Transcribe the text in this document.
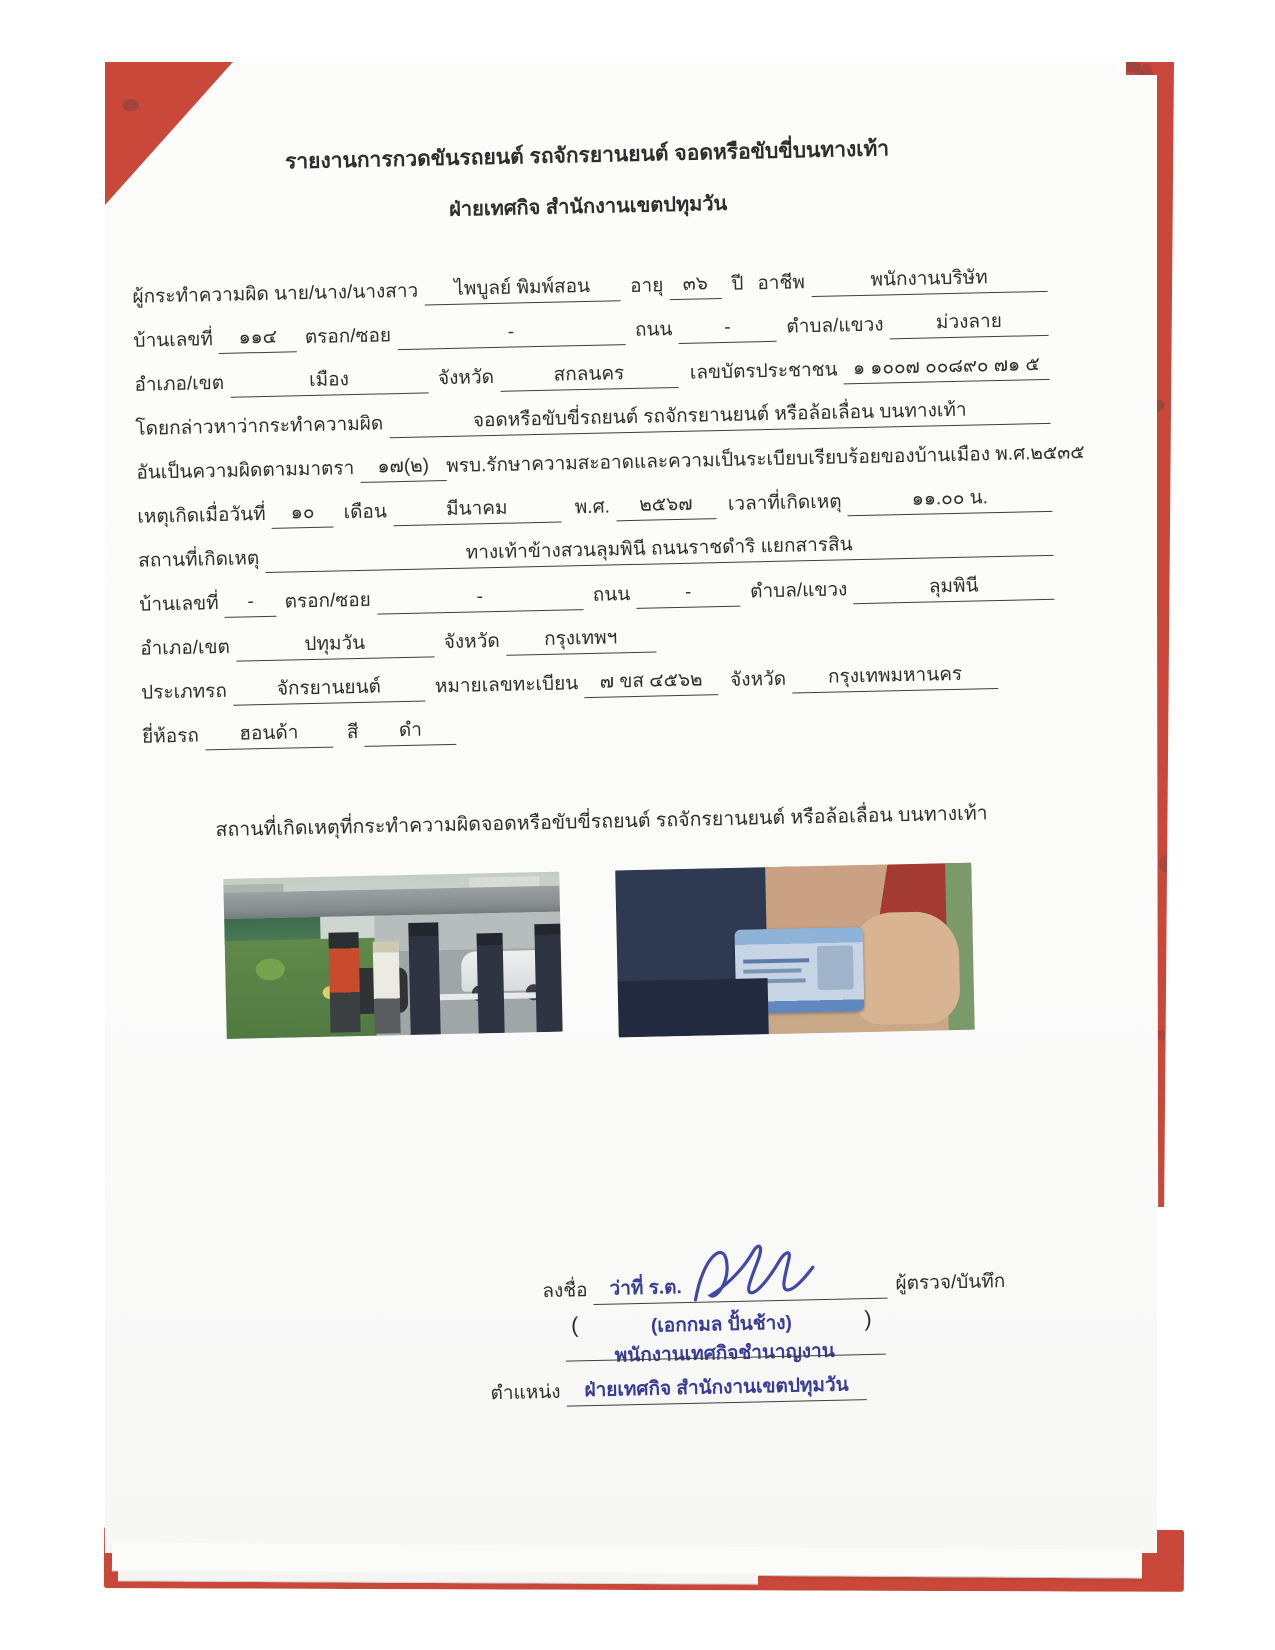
รายงานการกวดขันรถยนต์ รถจักรยานยนต์ จอดหรือขับขี่บนทางเท้า
ฝ่ายเทศกิจ สำนักงานเขตปทุมวัน
ผู้กระทำความผิด นาย/นาง/นางสาว	ไพบูลย์ พิมพ์สอน	อายุ ๓๖	ปี อาชีพ	พนักงานบริษัท
บ้านเลขที่	๑๑๔	ตรอก/ซอย	-	ถนน	-	ตำบล/แขวง	ม่วงลาย
อำเภอ/เขต	เมือง	จังหวัด	สกลนคร	เลขบัตรประชาชน ๑ ๑๐๐๗ ๐๐๘๙๐ ๗๑ ๕
โดยกล่าวหาว่ากระทำความผิด	จอดหรือขับขี่รถยนต์ รถจักรยานยนต์ หรือล้อเลื่อน บนทางเท้า
อันเป็นความผิดตามมาตรา	๑๗(๒) พรบ.รักษาความสะอาดและความเป็นระเบียบเรียบร้อยของบ้านเมือง พ.ศ.๒๕๓๕
เหตุเกิดเมื่อวันที่	๑๐	เดือน	มีนาคม	พ.ศ.	๒๕๖๗	เวลาที่เกิดเหตุ	๑๑.๐๐ น.
สถานที่เกิดเหตุ	ทางเท้าข้างสวนลุมพินี ถนนราชดำริ แยกสารสิน
บ้านเลขที่	-	ตรอก/ซอย	-	ถนน	-	ตำบล/แขวง	ลุมพินี
อำเภอ/เขต	ปทุมวัน	จังหวัด	กรุงเทพฯ
ประเภทรถ	จักรยานยนต์	หมายเลขทะเบียน	๗ ขส ๔๕๖๒	จังหวัด	กรุงเทพมหานคร
ยี่ห้อรถ	ฮอนด้า	สี	ดำ
สถานที่เกิดเหตุที่กระทำความผิดจอดหรือขับขี่รถยนต์ รถจักรยานยนต์ หรือล้อเลื่อน บนทางเท้า
ลงชื่อ	ว่าที่ ร.ต.	ผู้ตรวจ/บันทึก
(	(เอกกมล ปั้นช้าง)	)
พนักงานเทศกิจชำนาญงาน
ตำแหน่ง	ฝ่ายเทศกิจ สำนักงานเขตปทุมวัน
